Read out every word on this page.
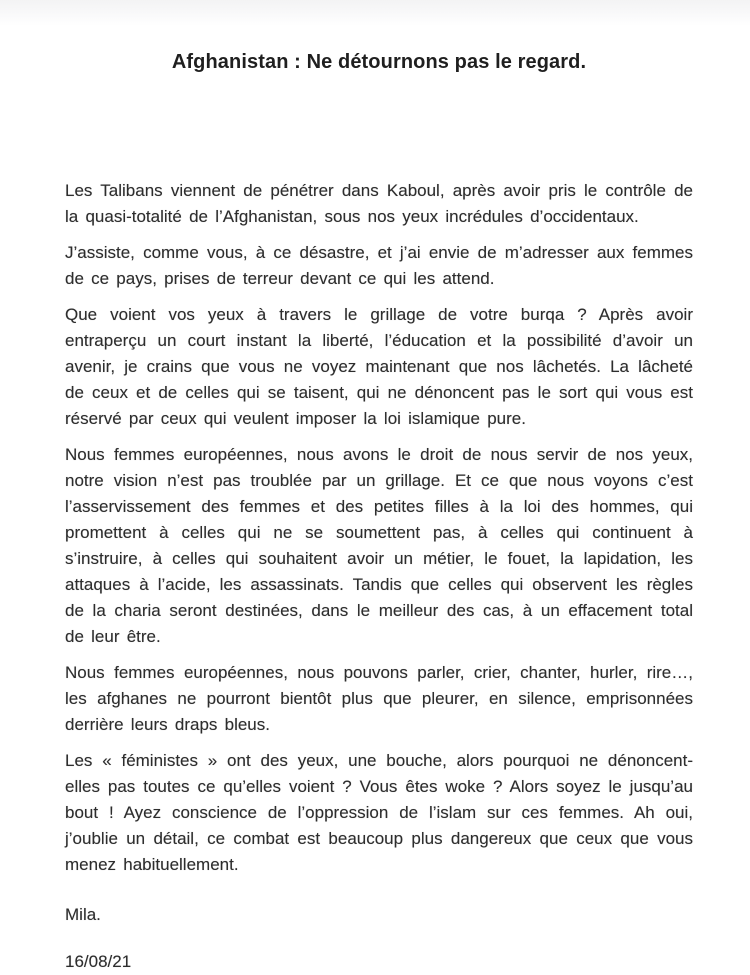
Afghanistan : Ne détournons pas le regard.

Les Talibans viennent de pénétrer dans Kaboul, après avoir pris le contrôle de la quasi-totalité de l’Afghanistan, sous nos yeux incrédules d’occidentaux.

J’assiste, comme vous, à ce désastre, et j’ai envie de m’adresser aux femmes de ce pays, prises de terreur devant ce qui les attend.

Que voient vos yeux à travers le grillage de votre burqa ? Après avoir entraperçu un court instant la liberté, l’éducation et la possibilité d’avoir un avenir, je crains que vous ne voyez maintenant que nos lâchetés. La lâcheté de ceux et de celles qui se taisent, qui ne dénoncent pas le sort qui vous est réservé par ceux qui veulent imposer la loi islamique pure.

Nous femmes européennes, nous avons le droit de nous servir de nos yeux, notre vision n’est pas troublée par un grillage. Et ce que nous voyons c’est l’asservissement des femmes et des petites filles à la loi des hommes, qui promettent à celles qui ne se soumettent pas, à celles qui continuent à s’instruire, à celles qui souhaitent avoir un métier, le fouet, la lapidation, les attaques à l’acide, les assassinats. Tandis que celles qui observent les règles de la charia seront destinées, dans le meilleur des cas, à un effacement total de leur être.

Nous femmes européennes, nous pouvons parler, crier, chanter, hurler, rire…, les afghanes ne pourront bientôt plus que pleurer, en silence, emprisonnées derrière leurs draps bleus.

Les « féministes » ont des yeux, une bouche, alors pourquoi ne dénoncent-elles pas toutes ce qu’elles voient ? Vous êtes woke ? Alors soyez le jusqu’au bout ! Ayez conscience de l’oppression de l’islam sur ces femmes. Ah oui, j’oublie un détail, ce combat est beaucoup plus dangereux que ceux que vous menez habituellement.

Mila.

16/08/21
